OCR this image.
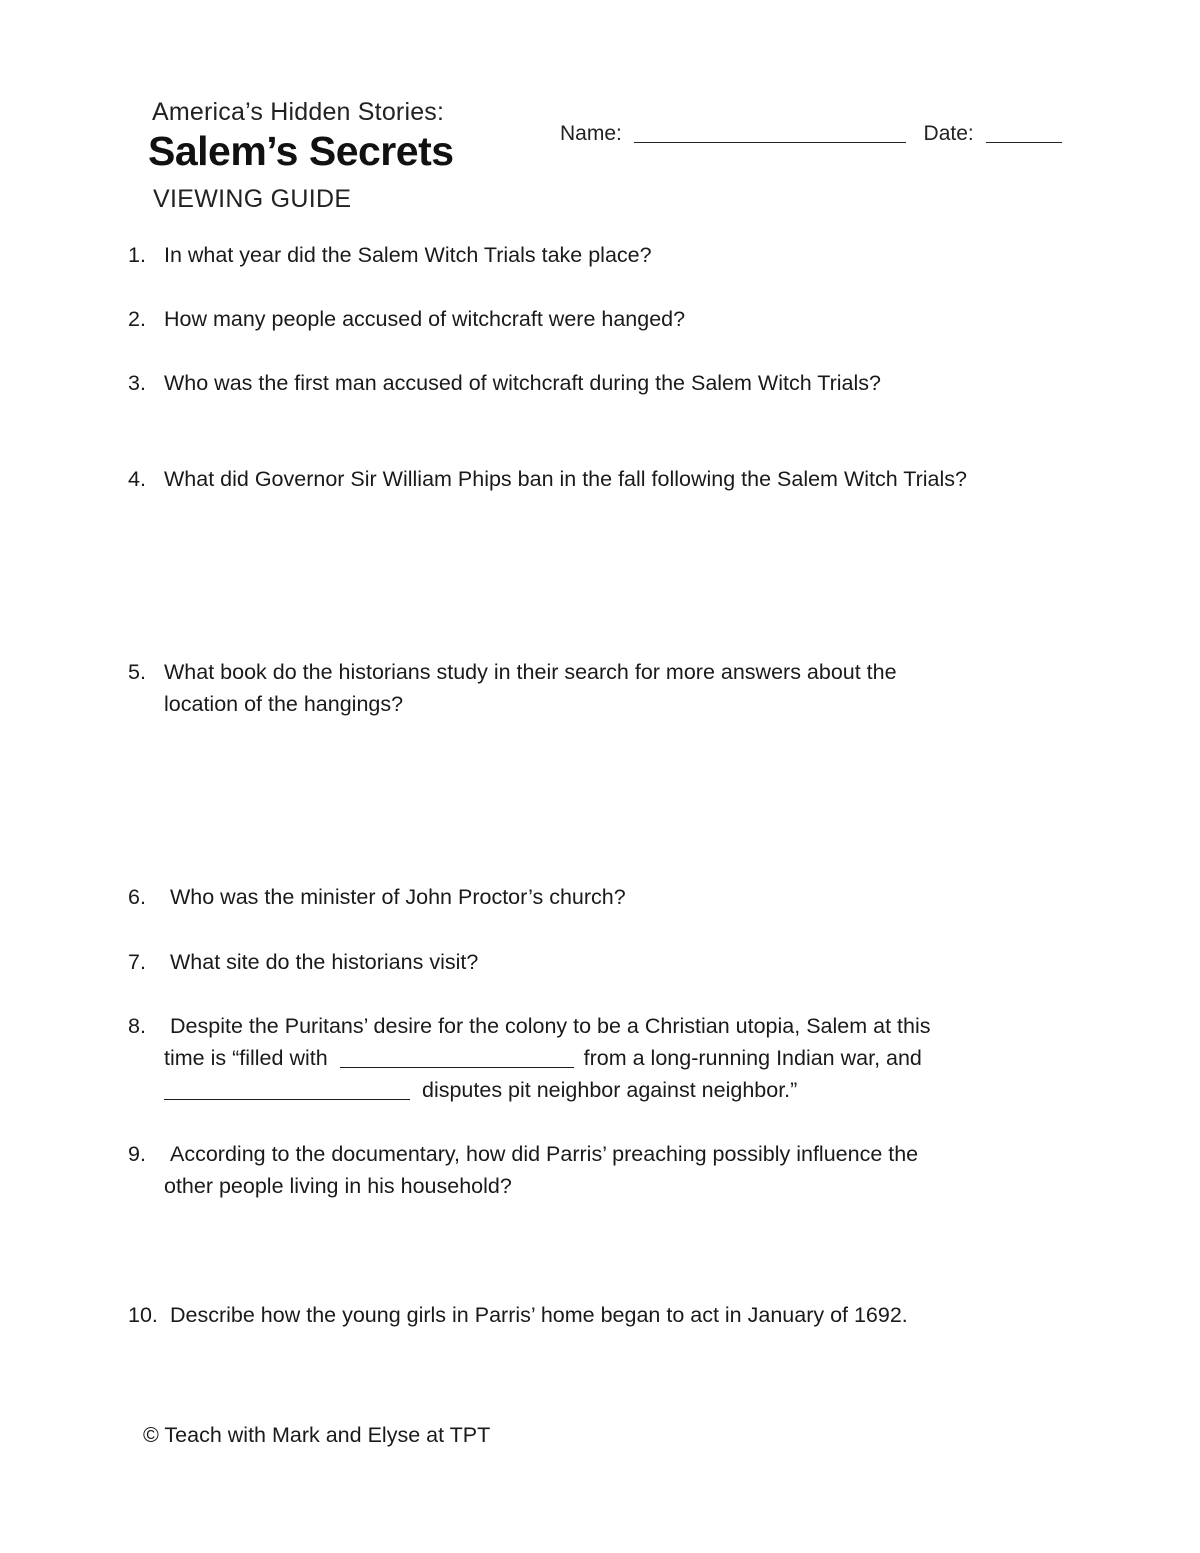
America’s Hidden Stories:
Salem’s Secrets
VIEWING GUIDE
Name:	Date:
1. In what year did the Salem Witch Trials take place?
2. How many people accused of witchcraft were hanged?
3. Who was the first man accused of witchcraft during the Salem Witch Trials?
4. What did Governor Sir William Phips ban in the fall following the Salem Witch Trials?
5. What book do the historians study in their search for more answers about the
location of the hangings?
6. Who was the minister of John Proctor’s church?
7. What site do the historians visit?
8. Despite the Puritans’ desire for the colony to be a Christian utopia, Salem at this
time is “filled with	from a long-running Indian war, and
disputes pit neighbor against neighbor.”
9. According to the documentary, how did Parris’ preaching possibly influence the
other people living in his household?
10. Describe how the young girls in Parris’ home began to act in January of 1692.
© Teach with Mark and Elyse at TPT
